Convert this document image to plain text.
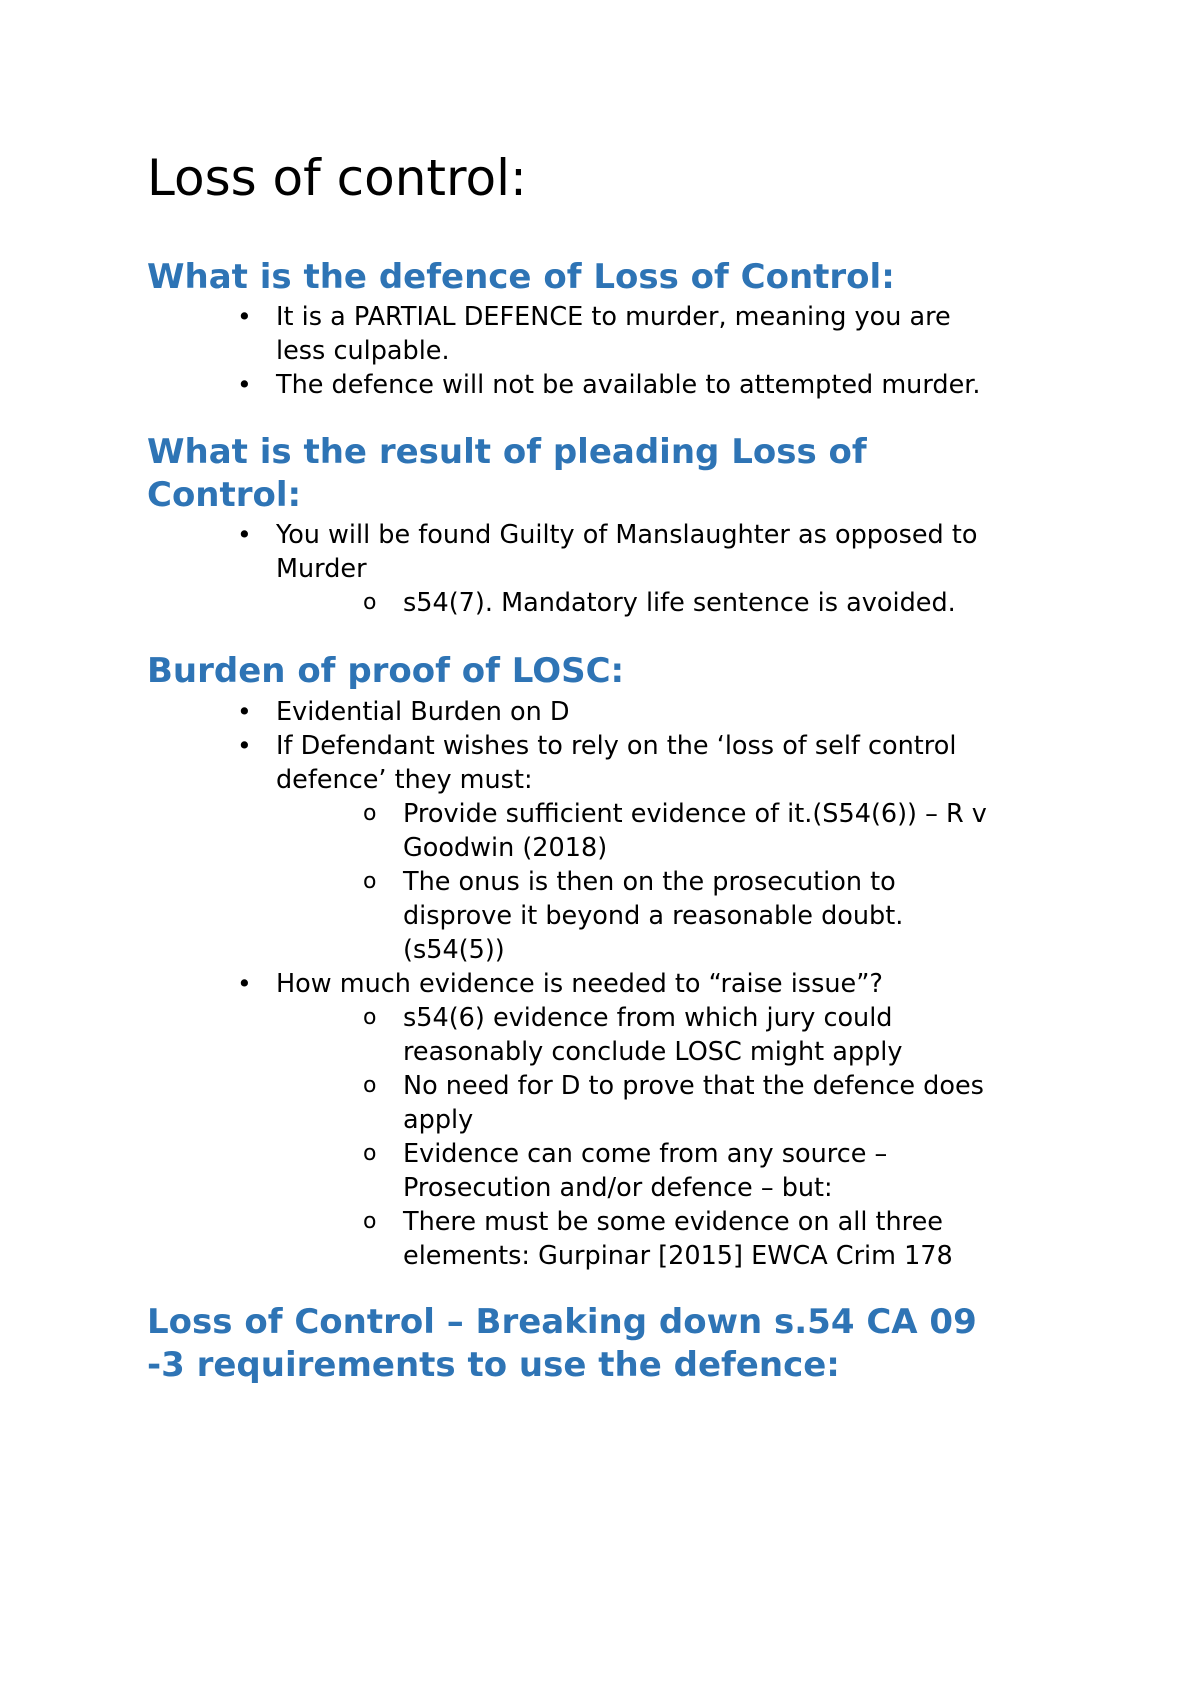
Loss of control:
What is the defence of Loss of Control:
• It is a PARTIAL DEFENCE to murder, meaning you are
less culpable.
• The defence will not be available to attempted murder.
What is the result of pleading Loss of
Control:
• You will be found Guilty of Manslaughter as opposed to
Murder
o s54(7). Mandatory life sentence is avoided.
Burden of proof of LOSC:
• Evidential Burden on D
• If Defendant wishes to rely on the ‘loss of self control
defence’ they must:
o Provide sufficient evidence of it.(S54(6)) – R v
Goodwin (2018)
o The onus is then on the prosecution to
disprove it beyond a reasonable doubt.
(s54(5))
• How much evidence is needed to “raise issue”?
o s54(6) evidence from which jury could
reasonably conclude LOSC might apply
o No need for D to prove that the defence does
apply
o Evidence can come from any source –
Prosecution and/or defence – but:
o There must be some evidence on all three
elements: Gurpinar [2015] EWCA Crim 178
Loss of Control – Breaking down s.54 CA 09
-3 requirements to use the defence:
